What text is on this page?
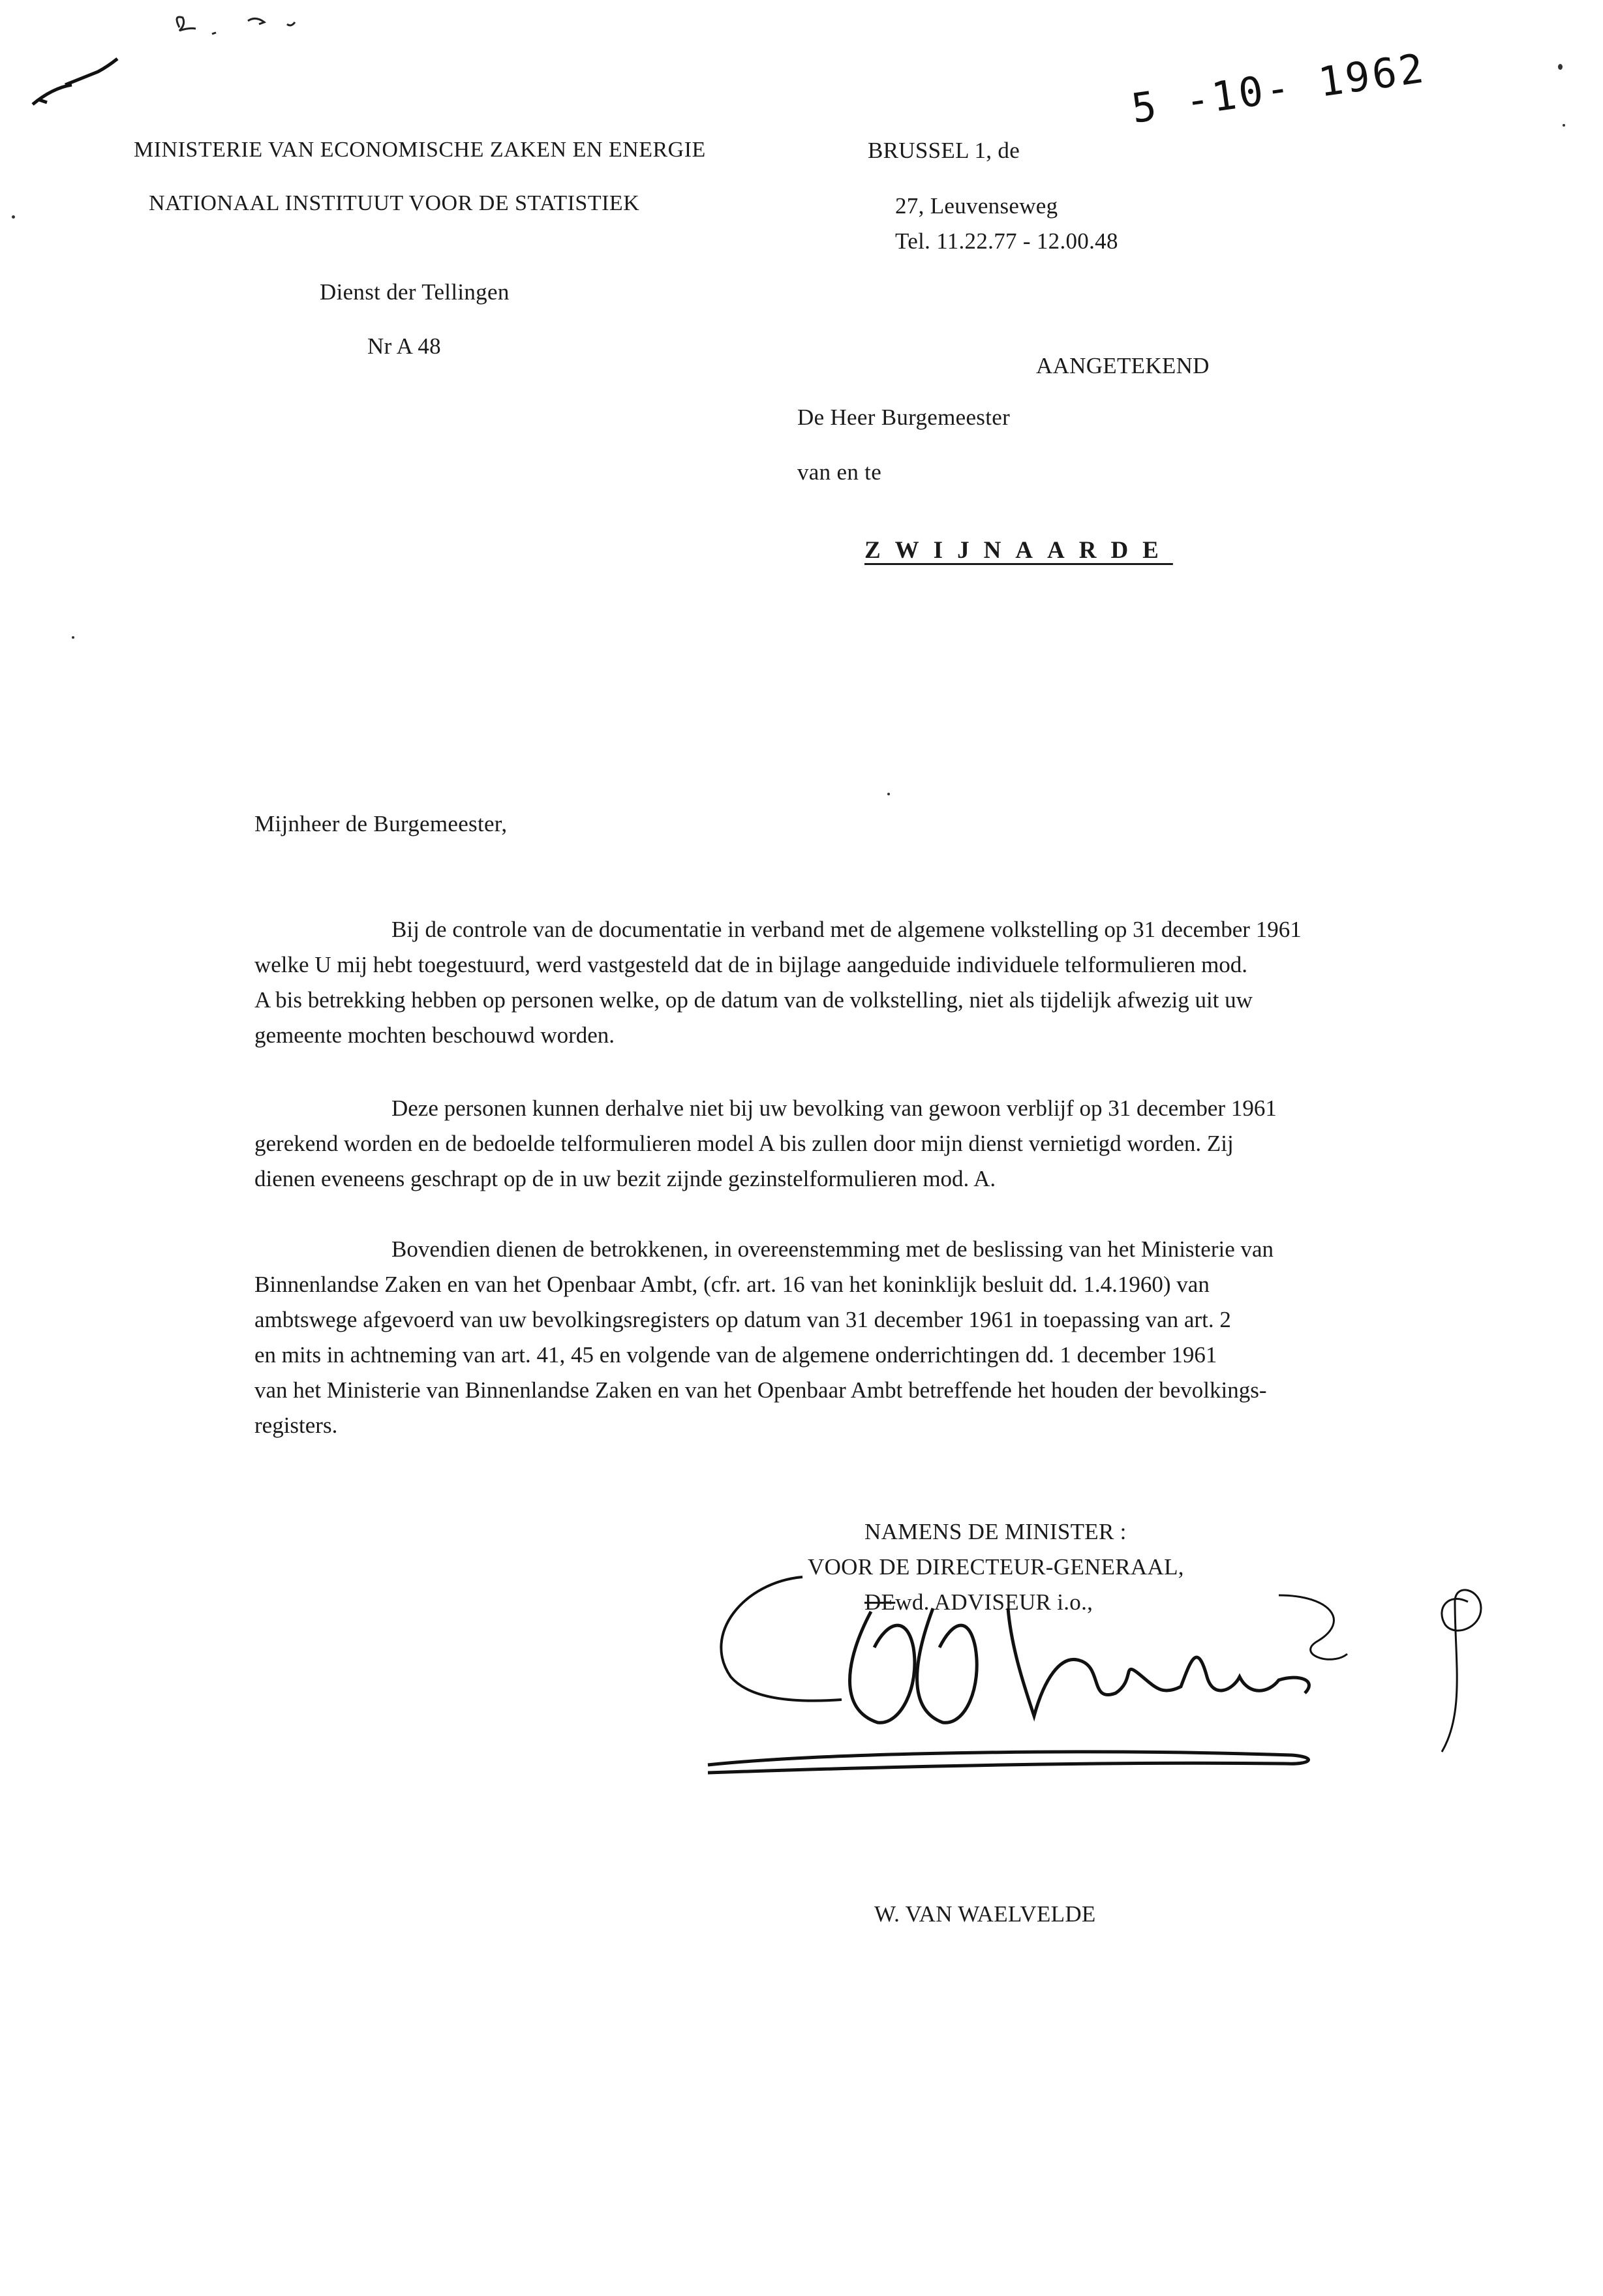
MINISTERIE VAN ECONOMISCHE ZAKEN EN ENERGIE
NATIONAAL INSTITUUT VOOR DE STATISTIEK
Dienst der Tellingen
Nr A 48
BRUSSEL 1, de
5 -10- 1962
27, Leuvenseweg
Tel. 11.22.77 - 12.00.48
AANGETEKEND
De Heer Burgemeester
van en te
ZWIJNAARDE
Mijnheer de Burgemeester,
Bij de controle van de documentatie in verband met de algemene volkstelling op 31 december 1961
welke U mij hebt toegestuurd, werd vastgesteld dat de in bijlage aangeduide individuele telformulieren mod.
A bis betrekking hebben op personen welke, op de datum van de volkstelling, niet als tijdelijk afwezig uit uw
gemeente mochten beschouwd worden.
Deze personen kunnen derhalve niet bij uw bevolking van gewoon verblijf op 31 december 1961
gerekend worden en de bedoelde telformulieren model A bis zullen door mijn dienst vernietigd worden. Zij
dienen eveneens geschrapt op de in uw bezit zijnde gezinstelformulieren mod. A.
Bovendien dienen de betrokkenen, in overeenstemming met de beslissing van het Ministerie van
Binnenlandse Zaken en van het Openbaar Ambt, (cfr. art. 16 van het koninklijk besluit dd. 1.4.1960) van
ambtswege afgevoerd van uw bevolkingsregisters op datum van 31 december 1961 in toepassing van art. 2
en mits in achtneming van art. 41, 45 en volgende van de algemene onderrichtingen dd. 1 december 1961
van het Ministerie van Binnenlandse Zaken en van het Openbaar Ambt betreffende het houden der bevolkings-
registers.
NAMENS DE MINISTER :
VOOR DE DIRECTEUR-GENERAAL,
DEwd. ADVISEUR i.o.,
W. VAN WAELVELDE
